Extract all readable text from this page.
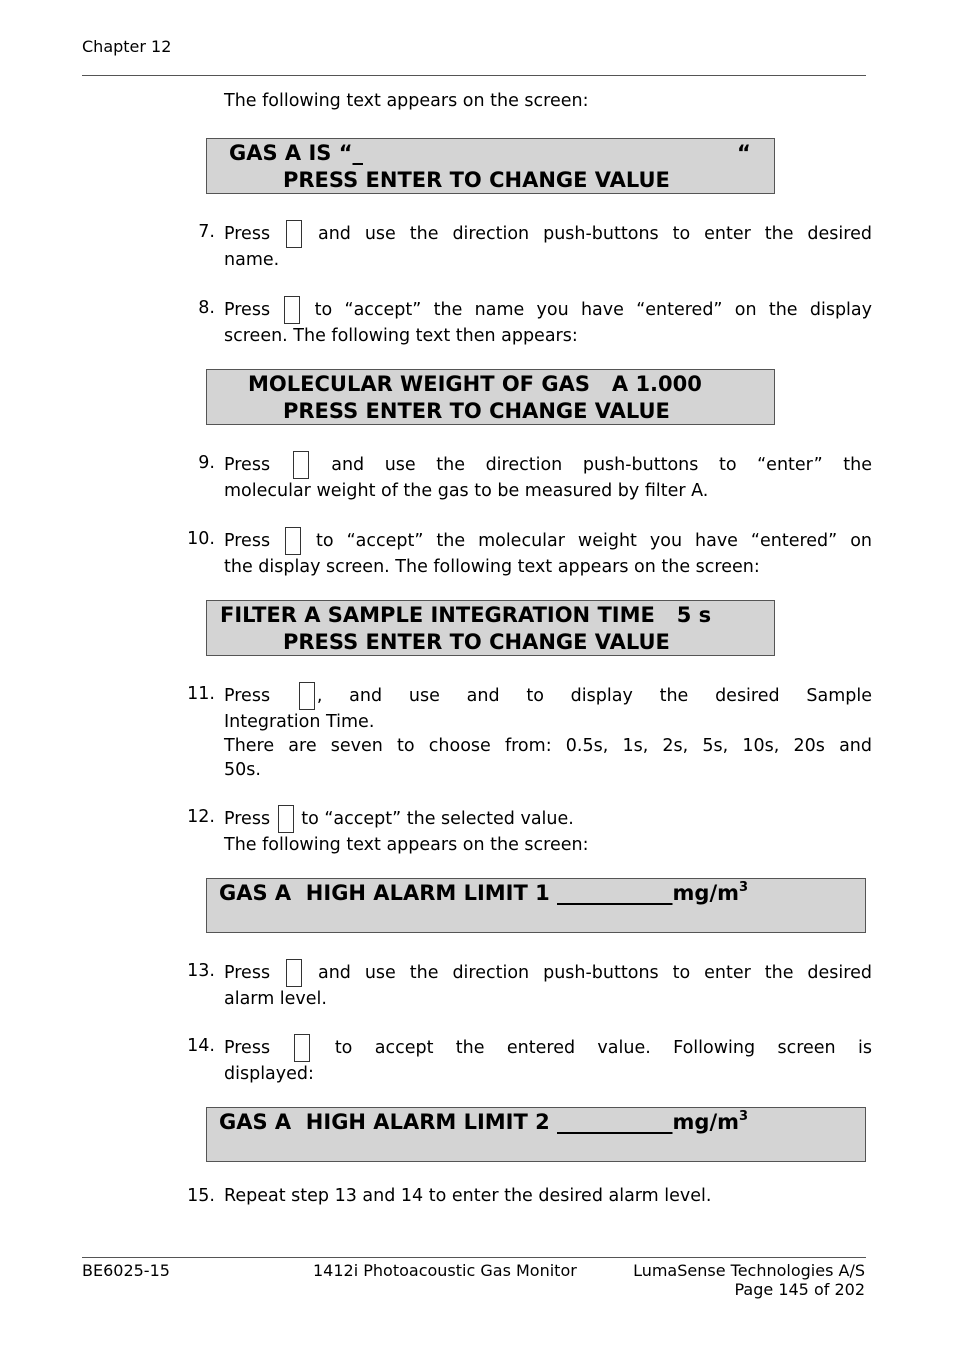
Chapter 12
The following text appears on the screen:

GAS A IS “_

	“

PRESS ENTER TO CHANGE VALUE

7. Press	and use the direction push-buttons to enter the desired
name.
8. Press	to “accept” the name you have “entered” on the display
screen. The following text then appears:

MOLECULAR WEIGHT OF GAS   A 1.000

PRESS ENTER TO CHANGE VALUE

9. Press	and use the direction push-buttons to “enter” the
molecular weight of the gas to be measured by filter A.
10. Press	to “accept” the molecular weight you have “entered” on
the display screen. The following text appears on the screen:

FILTER A SAMPLE INTEGRATION TIME   5 s

PRESS ENTER TO CHANGE VALUE

11. Press	, and use and to display the desired Sample
Integration Time.
There are seven to choose from: 0.5s, 1s, 2s, 5s, 10s, 20s and
50s.
12. Press to “accept” the selected value.
The following text appears on the screen:

GAS A  HIGH ALARM LIMIT 1 $\_\_\_\_\_\_\_\_\_\_\_mg/m^3$

13. Press	and use the direction push-buttons to enter the desired
alarm level.
14. Press	to accept the entered value. Following screen is
displayed:

GAS A  HIGH ALARM LIMIT 2 $\_\_\_\_\_\_\_\_\_\_\_mg/m^3$

15. Repeat step 13 and 14 to enter the desired alarm level.
BE6025-15	1412i Photoacoustic Gas Monitor	LumaSense Technologies A/S
Page 145 of 202
